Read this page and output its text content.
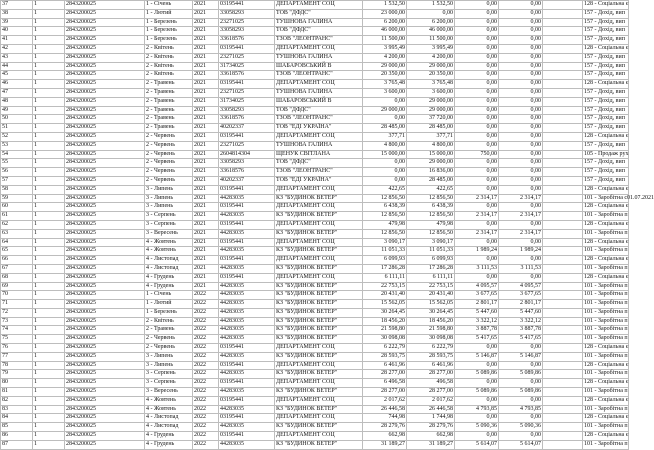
37	1	2843200025	1 - Січень	2021	03195441	ДЕПАРТАМЕНТ СОЦ	1 532,50	1 532,50	0,00	0,00		128 - Соціальна є
38	1	2843200025	1 - Лютий	2021	33058293	ТОВ "ДФДС"	23 000,00	0,00	0,00	0,00		157 - Дохід, вип
39	1	2843200025	1 - Березень	2021	23271025	ТУШНОВА ГАЛИНА	6 200,00	6 200,00	0,00	0,00		157 - Дохід, вип
40	1	2843200025	1 - Березень	2021	33058293	ТОВ "ДФДС"	46 000,00	46 000,00	0,00	0,00		157 - Дохід, вип
41	1	2843200025	1 - Березень	2021	33618576	ТЗОВ "ЛЕОНТРАНС"	11 500,00	11 500,00	0,00	0,00		157 - Дохід, вип
42	1	2843200025	2 - Квітень	2021	03195441	ДЕПАРТАМЕНТ СОЦ	3 995,49	3 995,49	0,00	0,00		128 - Соціальна є
43	1	2843200025	2 - Квітень	2021	23271025	ТУШНОВА ГАЛИНА	4 200,00	4 200,00	0,00	0,00		157 - Дохід, вип
44	1	2843200025	2 - Квітень	2021	31734025	ШАБАРОВСЬКИЙ В	29 000,00	29 000,00	0,00	0,00		157 - Дохід, вип
45	1	2843200025	2 - Квітень	2021	33618576	ТЗОВ "ЛЕОНТРАНС"	20 350,00	20 350,00	0,00	0,00		157 - Дохід, вип
46	1	2843200025	2 - Травень	2021	03195441	ДЕПАРТАМЕНТ СОЦ	3 765,48	3 765,48	0,00	0,00		128 - Соціальна є
47	1	2843200025	2 - Травень	2021	23271025	ТУШНОВА ГАЛИНА	3 600,00	3 600,00	0,00	0,00		157 - Дохід, вип
48	1	2843200025	2 - Травень	2021	31734025	ШАБАРОВСЬКИЙ В	0,00	29 000,00	0,00	0,00		157 - Дохід, вип
49	1	2843200025	2 - Травень	2021	33058293	ТОВ "ДФДС"	29 000,00	29 000,00	0,00	0,00		157 - Дохід, вип
50	1	2843200025	2 - Травень	2021	33618576	ТЗОВ "ЛЕОНТРАНС"	0,00	37 720,00	0,00	0,00		157 - Дохід, вип
51	1	2843200025	2 - Травень	2021	40202337	ТОВ "ЕДІ УКРАЇНА"	28 485,00	28 485,00	0,00	0,00		157 - Дохід, вип
52	1	2843200025	2 - Червень	2021	03195441	ДЕПАРТАМЕНТ СОЦ	377,71	377,71	0,00	0,00		128 - Соціальна є
53	1	2843200025	2 - Червень	2021	23271025	ТУШНОВА ГАЛИНА	4 800,00	4 800,00	0,00	0,00		157 - Дохід, вип
54	1	2843200025	2 - Червень	2021	2604814304	ЩЕНУК СВІТЛАНА	15 000,00	15 000,00	750,00	0,00		105 - Продаж рух
55	1	2843200025	2 - Червень	2021	33058293	ТОВ "ДФДС"	0,00	29 000,00	0,00	0,00		157 - Дохід, вип
56	1	2843200025	2 - Червень	2021	33618576	ТЗОВ "ЛЕОНТРАНС"	0,00	16 836,00	0,00	0,00		157 - Дохід, вип
57	1	2843200025	2 - Червень	2021	40202337	ТОВ "ЕДІ УКРАЇНА"	0,00	28 485,00	0,00	0,00		157 - Дохід, вип
58	1	2843200025	3 - Липень	2021	03195441	ДЕПАРТАМЕНТ СОЦ	422,65	422,65	0,00	0,00		128 - Соціальна є
59	1	2843200025	3 - Липень	2021	44283035	КЗ "БУДИНОК ВЕТЕР"	12 856,50	12 856,50	2 314,17	2 314,17		101 - Заробітна с01.07.2021
60	1	2843200025	3 - Липень	2021	03195441	ДЕПАРТАМЕНТ СОЦ	6 438,39	6 438,39	0,00	0,00		128 - Соціальна є
61	1	2843200025	3 - Серпень	2021	44283035	КЗ "БУДИНОК ВЕТЕР"	12 856,50	12 856,50	2 314,17	2 314,17		101 - Заробітна п
62	1	2843200025	3 - Серпень	2021	03195441	ДЕПАРТАМЕНТ СОЦ	479,98	479,98	0,00	0,00		128 - Соціальна є
63	1	2843200025	3 - Вересень	2021	44283035	КЗ "БУДИНОК ВЕТЕР"	12 856,50	12 856,50	2 314,17	2 314,17		101 - Заробітна п
64	1	2843200025	4 - Жовтень	2021	03195441	ДЕПАРТАМЕНТ СОЦ	3 090,17	3 090,17	0,00	0,00		128 - Соціальна є
65	1	2843200025	4 - Жовтень	2021	44283035	КЗ "БУДИНОК ВЕТЕР"	11 051,33	11 051,33	1 989,24	1 989,24		101 - Заробітна п
66	1	2843200025	4 - Листопад	2021	03195441	ДЕПАРТАМЕНТ СОЦ	6 099,93	6 099,93	0,00	0,00		128 - Соціальна є
67	1	2843200025	4 - Листопад	2021	44283035	КЗ "БУДИНОК ВЕТЕР"	17 286,28	17 286,28	3 111,53	3 111,53		101 - Заробітна п
68	1	2843200025	4 - Грудень	2021	03195441	ДЕПАРТАМЕНТ СОЦ	6 111,11	6 111,11	0,00	0,00		128 - Соціальна є
69	1	2843200025	4 - Грудень	2021	44283035	КЗ "БУДИНОК ВЕТЕР"	22 753,15	22 753,15	4 095,57	4 095,57		101 - Заробітна п
70	1	2843200025	1 - Січень	2022	44283035	КЗ "БУДИНОК ВЕТЕР"	20 431,40	20 431,40	3 677,65	3 677,65		101 - Заробітна п
71	1	2843200025	1 - Лютий	2022	44283035	КЗ "БУДИНОК ВЕТЕР"	15 562,05	15 562,05	2 801,17	2 801,17		101 - Заробітна п
72	1	2843200025	1 - Березень	2022	44283035	КЗ "БУДИНОК ВЕТЕР"	30 264,45	30 264,45	5 447,60	5 447,60		101 - Заробітна п
73	1	2843200025	2 - Квітень	2022	44283035	КЗ "БУДИНОК ВЕТЕР"	18 456,20	18 456,20	3 322,12	3 322,12		101 - Заробітна п
74	1	2843200025	2 - Травень	2022	44283035	КЗ "БУДИНОК ВЕТЕР"	21 598,80	21 598,80	3 887,78	3 887,78		101 - Заробітна п
75	1	2843200025	2 - Червень	2022	44283035	КЗ "БУДИНОК ВЕТЕР"	30 098,08	30 098,08	5 417,65	5 417,65		101 - Заробітна п
76	1	2843200025	2 - Червень	2022	03195441	ДЕПАРТАМЕНТ СОЦ	6 222,79	6 222,79	0,00	0,00		128 - Соціальна є
77	1	2843200025	3 - Липень	2022	44283035	КЗ "БУДИНОК ВЕТЕР"	28 593,75	28 593,75	5 146,87	5 146,87		101 - Заробітна п
78	1	2843200025	3 - Липень	2022	03195441	ДЕПАРТАМЕНТ СОЦ	6 461,96	6 461,96	0,00	0,00		128 - Соціальна є
79	1	2843200025	3 - Серпень	2022	44283035	КЗ "БУДИНОК ВЕТЕР"	28 277,00	28 277,00	5 089,86	5 089,86		101 - Заробітна п
80	1	2843200025	3 - Серпень	2022	03195441	ДЕПАРТАМЕНТ СОЦ	6 496,58	496,58	0,00	0,00		128 - Соціальна є
81	1	2843200025	3 - Вересень	2022	44283035	КЗ "БУДИНОК ВЕТЕР"	28 277,00	28 277,00	5 089,86	5 089,86		101 - Заробітна п
82	1	2843200025	4 - Жовтень	2022	03195441	ДЕПАРТАМЕНТ СОЦ	2 017,62	2 017,62	0,00	0,00		128 - Соціальна є
83	1	2843200025	4 - Жовтень	2022	44283035	КЗ "БУДИНОК ВЕТЕР"	26 446,58	26 446,58	4 793,85	4 793,85		101 - Заробітна п
84	1	2843200025	4 - Листопад	2022	03195441	ДЕПАРТАМЕНТ СОЦ	744,98	1 744,98	0,00	0,00		128 - Соціальна є
85	1	2843200025	4 - Листопад	2022	44283035	КЗ "БУДИНОК ВЕТЕР"	28 279,76	28 279,76	5 090,36	5 090,36		101 - Заробітна п
86	1	2843200025	4 - Грудень	2022	03195441	ДЕПАРТАМЕНТ СОЦ	662,98	662,98	0,00	0,00		128 - Соціальна є
87	1	2843200025	4 - Грудень	2022	44283035	КЗ "БУДИНОК ВЕТЕР"	31 189,27	31 189,27	5 614,07	5 614,07		101 - Заробітна п
